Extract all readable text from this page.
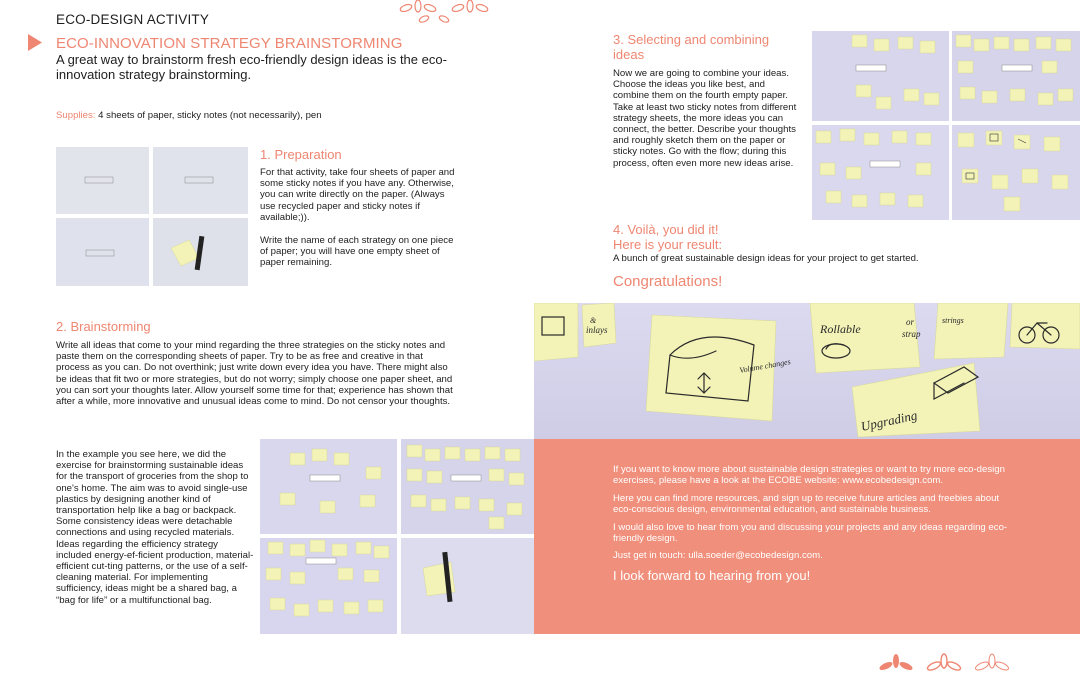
ECO-DESIGN ACTIVITY
ECO-INNOVATION STRATEGY BRAINSTORMING
A great way to brainstorm fresh eco-friendly design ideas is the eco-innovation strategy brainstorming.
Supplies: 4 sheets of paper, sticky notes (not necessarily), pen
1. Preparation
For that activity, take four sheets of paper and some sticky notes if you have any. Otherwise, you can write directly on the paper. (Always use recycled paper and sticky notes if available;)).
Write the name of each strategy on one piece of paper; you will have one empty sheet of paper remaining.
2. Brainstorming
Write all ideas that come to your mind regarding the three strategies on the sticky notes and paste them on the corresponding sheets of paper. Try to be as free and creative in that process as you can. Do not overthink; just write down every idea you have. There might also be ideas that fit two or more strategies, but do not worry; simply choose one paper sheet, and you can sort your thoughts later. Allow yourself some time for that; experience has shown that after a while, more innovative and unusual ideas come to mind. Do not censor your thoughts.
In the example you see here, we did the exercise for brainstorming sustainable ideas for the transport of groceries from the shop to one's home. The aim was to avoid single-use plastics by designing another kind of transportation help like a bag or backpack. Some consistency ideas were detachable connections and using recycled materials. Ideas regarding the efficiency strategy included energy-ef-ficient production, material-efficient cut-ting patterns, or the use of a self-cleaning material. For implementing sufficiency, ideas might be a shared bag, a “bag for life” or a multifunctional bag.
3. Selecting and combining
ideas
Now we are going to combine your ideas. Choose the ideas you like best, and combine them on the fourth empty paper. Take at least two sticky notes from different strategy sheets, the more ideas you can connect, the better. Describe your thoughts and roughly sketch them on the paper or sticky notes. Go with the flow; during this process, often even more new ideas arise.
4. Voilà, you did it!
Here is your result:
A bunch of great sustainable design ideas for your project to get started.
Congratulations!
&
inlays	Rollable	or
strap
strings
Volume changes
Upgrading

If you want to know more about sustainable design strategies or want to try more eco-design exercises, please have a look at the ECOBE website: www.ecobedesign.com.

Here you can find more resources, and sign up to receive future articles and freebies about eco-conscious design, environmental education, and sustainable business.

I would also love to hear from you and discussing your projects and any ideas regarding eco-friendly design.

Just get in touch: ulla.soeder@ecobedesign.com.

I look forward to hearing from you!
